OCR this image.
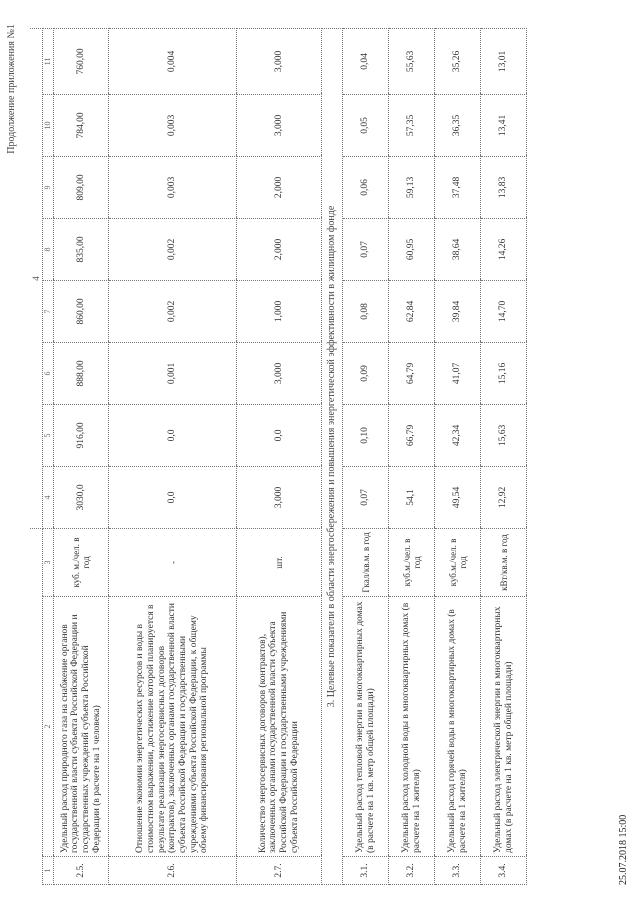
Продолжение приложения №1
			4							
1	2	3	4	5	6	7	8	9	10	11
2.5.	Удельный расход природного газа на снабжение органов государственной власти субъекта Российской Федерации и государственных учреждений субъекта Российской Федерации (в расчете на 1 человека)	куб. м./чел. в год	3030,0	916,00	888,00	860,00	835,00	809,00	784,00	760,00
2.6.	Отношение экономии энергетических ресурсов и воды в стоимостном выражении, достижение которой планируется в результате реализации энергосервисных договоров (контрактов), заключенных органами государственной власти субъекта Российской Федерации и государственными учреждениями субъекта Российской Федерации, к общему объему финансирования региональной программы	-	0,0	0,0	0,001	0,002	0,002	0,003	0,003	0,004
2.7.	Количество энергосервисных договоров (контрактов), заключенных органами государственной власти субъекта Российской Федерации и государственными учреждениями субъекта Российской Федерации	шт.	3,000	0,0	3,000	1,000	2,000	2,000	3,000	3,000
3. Целевые показатели в области энергосбережения и повышения энергетической эффективности в жилищном фонде										
3.1.	Удельный расход тепловой энергии в многоквартирных домах (в расчете на 1 кв. метр общей площади)	Гкал/кв.м. в год	0,07	0,10	0,09	0,08	0,07	0,06	0,05	0,04
3.2.	Удельный расход холодной воды в многоквартирных домах (в расчете на 1 жителя)	куб.м./чел. в год	54,1	66,79	64,79	62,84	60,95	59,13	57,35	55,63
3.3.	Удельный расход горячей воды в многоквартирных домах (в расчете на 1 жителя)	куб.м./чел. в год	49,54	42,34	41,07	39,84	38,64	37,48	36,35	35,26
3.4.	Удельный расход электрической энергии в многоквартирных домах (в расчете на 1 кв. метр общей площади)	кВт/кв.м. в год	12,92	15,63	15,16	14,70	14,26	13,83	13,41	13,01
25.07.2018 15:00
